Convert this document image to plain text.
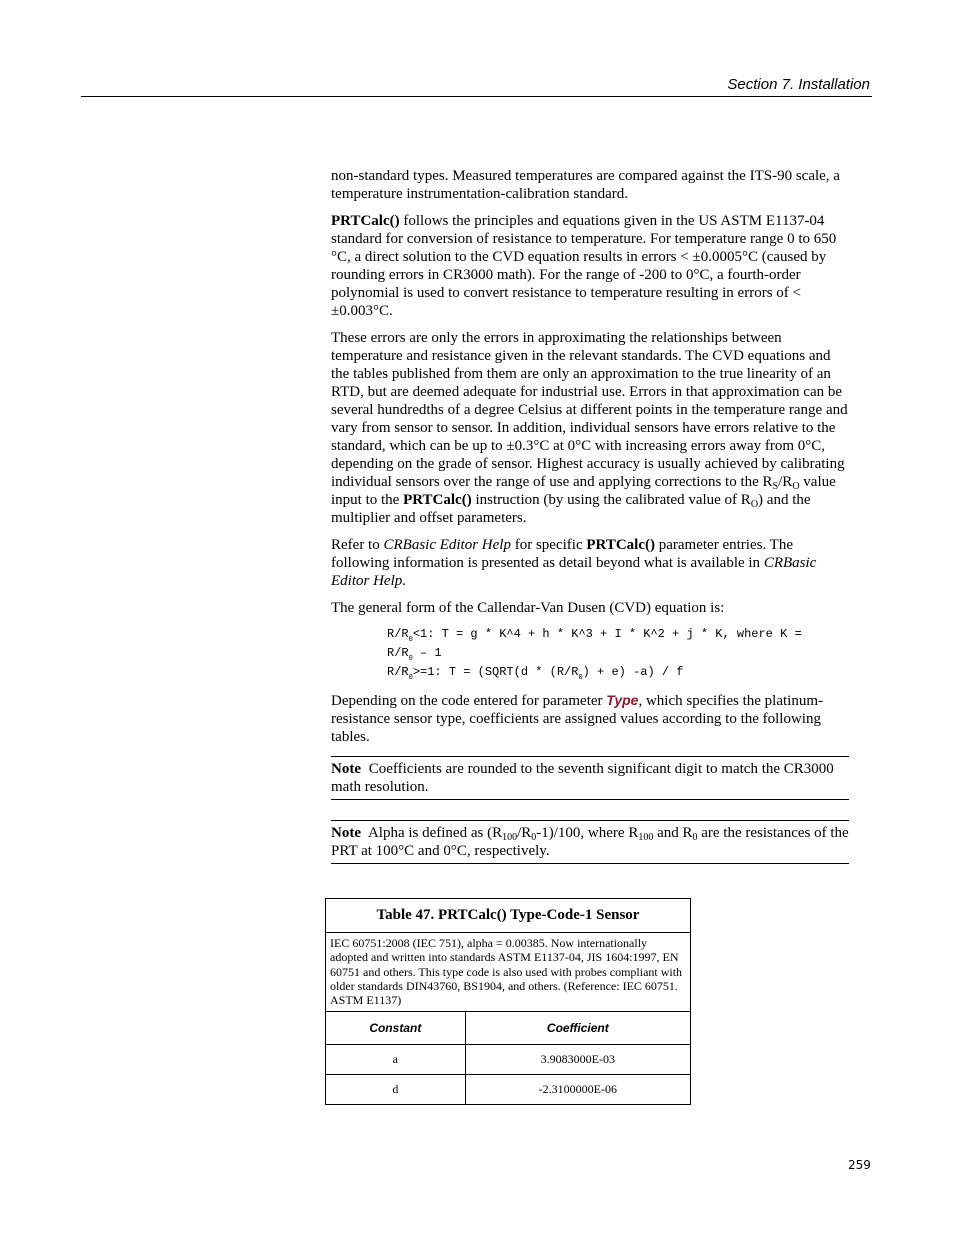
Section 7. Installation

non-standard types. Measured temperatures are compared against the ITS-90 scale, a temperature instrumentation-calibration standard.

PRTCalc() follows the principles and equations given in the US ASTM E1137-04 standard for conversion of resistance to temperature. For temperature range 0 to 650 °C, a direct solution to the CVD equation results in errors < ±0.0005°C (caused by rounding errors in CR3000 math). For the range of -200 to 0°C, a fourth-order polynomial is used to convert resistance to temperature resulting in errors of < ±0.003°C.

These errors are only the errors in approximating the relationships between temperature and resistance given in the relevant standards. The CVD equations and the tables published from them are only an approximation to the true linearity of an RTD, but are deemed adequate for industrial use. Errors in that approximation can be several hundredths of a degree Celsius at different points in the temperature range and vary from sensor to sensor. In addition, individual sensors have errors relative to the standard, which can be up to ±0.3°C at 0°C with increasing errors away from 0°C, depending on the grade of sensor. Highest accuracy is usually achieved by calibrating individual sensors over the range of use and applying corrections to the $R_S/R_O$ value input to the PRTCalc() instruction (by using the calibrated value of $R_O$) and the multiplier and offset parameters.

Refer to CRBasic Editor Help for specific PRTCalc() parameter entries. The following information is presented as detail beyond what is available in CRBasic Editor Help.

The general form of the Callendar-Van Dusen (CVD) equation is:

$R/R_0<1$: T = g * K^4 + h * K^3 + I * K^2 + j * K, where K =
$R/R_0 - 1$
$R/R_0>=1$: T = (SQRT(d * $(R/R_0) + e$) -a) / f

Depending on the code entered for parameter Type, which specifies the platinum-resistance sensor type, coefficients are assigned values according to the following tables.

Note Coefficients are rounded to the seventh significant digit to match the CR3000 math resolution.
Note Alpha is defined as $(R_{100}/R_0-1)/100$, where $R_{100}$ and $R_0$ are the resistances of the PRT at 100°C and 0°C, respectively.
Table 47. PRTCalc() Type-Code-1 Sensor	
IEC 60751:2008 (IEC 751), alpha = 0.00385. Now internationally adopted and written into standards ASTM E1137-04, JIS 1604:1997, EN 60751 and others. This type code is also used with probes compliant with older standards DIN43760, BS1904, and others. (Reference: IEC 60751. ASTM E1137)	
Constant	Coefficient
a	3.9083000E-03
d	-2.3100000E-06
259
